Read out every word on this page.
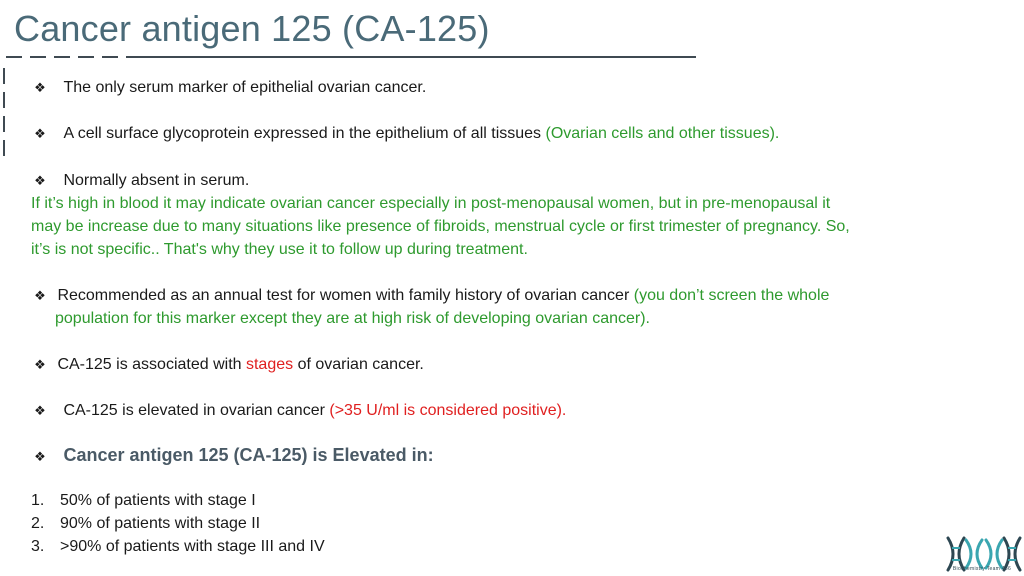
Cancer antigen 125 (CA-125)
❖ The only serum marker of epithelial ovarian cancer.
❖ A cell surface glycoprotein expressed in the epithelium of all tissues (Ovarian cells and other tissues).
❖ Normally absent in serum.
If it’s high in blood it may indicate ovarian cancer especially in post-menopausal women, but in pre-menopausal it
may be increase due to many situations like presence of fibroids, menstrual cycle or first trimester of pregnancy. So,
it’s is not specific.. That's why they use it to follow up during treatment.
❖ Recommended as an annual test for women with family history of ovarian cancer (you don’t screen the whole
population for this marker except they are at high risk of developing ovarian cancer).
❖ CA-125 is associated with stages of ovarian cancer.
❖ CA-125 is elevated in ovarian cancer (>35 U/ml is considered positive).
❖ Cancer antigen 125 (CA-125) is Elevated in:
1. 50% of patients with stage I
2. 90% of patients with stage II
3. >90% of patients with stage III and IV
Biochemistry Team 436
